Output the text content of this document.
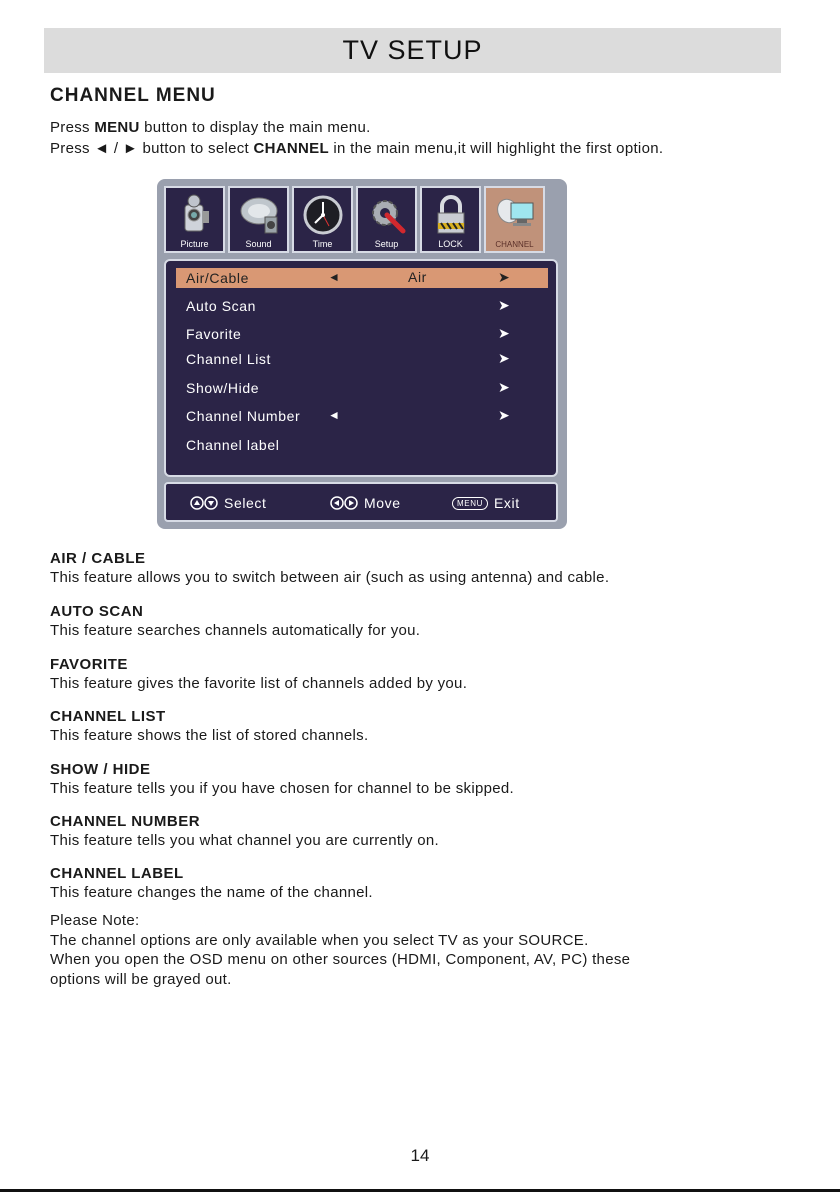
TV SETUP
CHANNEL MENU
Press MENU button to display the main menu.
Press ◄ / ► button to select CHANNEL in the main menu,it will highlight the first option.
Picture	Sound	Time	Setup	LOCK	CHANNEL
Air/Cable	◄	Air	➤
Auto Scan	➤
Favorite	➤
Channel List	➤
Show/Hide	➤
Channel Number ◄	➤
Channel label
Select	Move	MENU Exit
AIR / CABLE

This feature allows you to switch between air (such as using antenna) and cable.

AUTO SCAN

This feature searches channels automatically for you.

FAVORITE

This feature gives the favorite list of channels added by you.

CHANNEL LIST

This feature shows the list of stored channels.

SHOW / HIDE

This feature tells you if you have chosen for channel to be skipped.

CHANNEL NUMBER

This feature tells you what channel you are currently on.

CHANNEL LABEL

This feature changes the name of the channel.

Please Note:
The channel options are only available when you select TV as your SOURCE.
When you open the OSD menu on other sources (HDMI, Component, AV, PC) these
options will be grayed out.
14
